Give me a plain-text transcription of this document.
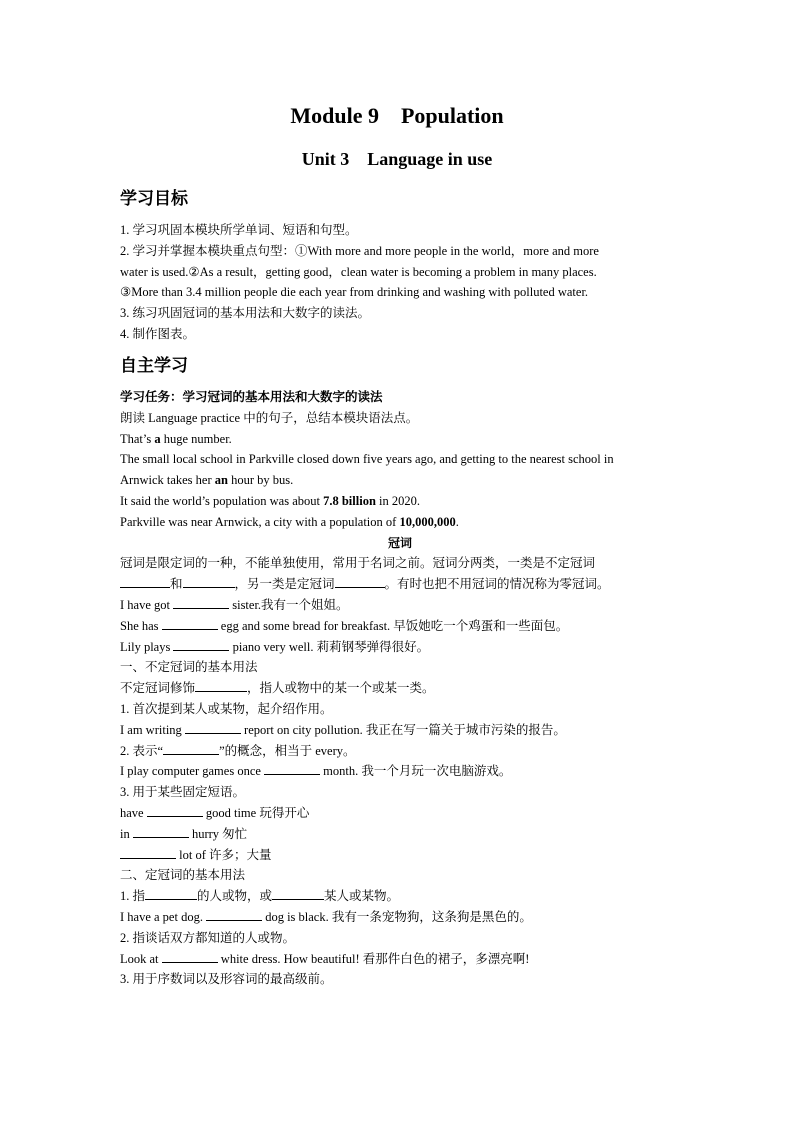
Module 9    Population
Unit 3    Language in use
学习目标

1. 学习巩固本模块所学单词、短语和句型。

2. 学习并掌握本模块重点句型：①With more and more people in the world，more and more

water is used.②As a result，getting good，clean water is becoming a problem in many places.

③More than 3.4 million people die each year from drinking and washing with polluted water.

3. 练习巩固冠词的基本用法和大数字的读法。

4. 制作图表。

自主学习

学习任务：学习冠词的基本用法和大数字的读法

朗读 Language practice 中的句子，总结本模块语法点。

That’s a huge number.

The small local school in Parkville closed down five years ago, and getting to the nearest school in

Arnwick takes her an hour by bus.

It said the world’s population was about 7.8 billion in 2020.

Parkville was near Arnwick, a city with a population of 10,000,000.

冠词

冠词是限定词的一种，不能单独使用，常用于名词之前。冠词分两类，一类是不定冠词

和	，另一类是定冠词	。有时也把不用冠词的情况称为零冠词。

I have got	sister.我有一个姐姐。

She has	egg and some bread for breakfast. 早饭她吃一个鸡蛋和一些面包。

Lily plays	piano very well. 莉莉钢琴弹得很好。

一、不定冠词的基本用法

不定冠词修饰	，指人或物中的某一个或某一类。

1. 首次提到某人或某物，起介绍作用。

I am writing	report on city pollution. 我正在写一篇关于城市污染的报告。

2. 表示“	”的概念，相当于 every。

I play computer games once	month. 我一个月玩一次电脑游戏。

3. 用于某些固定短语。

have	good time 玩得开心

in	hurry 匆忙

lot of 许多；大量

二、定冠词的基本用法

1. 指	的人或物，或	某人或某物。

I have a pet dog.	dog is black. 我有一条宠物狗，这条狗是黑色的。

2. 指谈话双方都知道的人或物。

Look at	white dress. How beautiful! 看那件白色的裙子，多漂亮啊!

3. 用于序数词以及形容词的最高级前。
